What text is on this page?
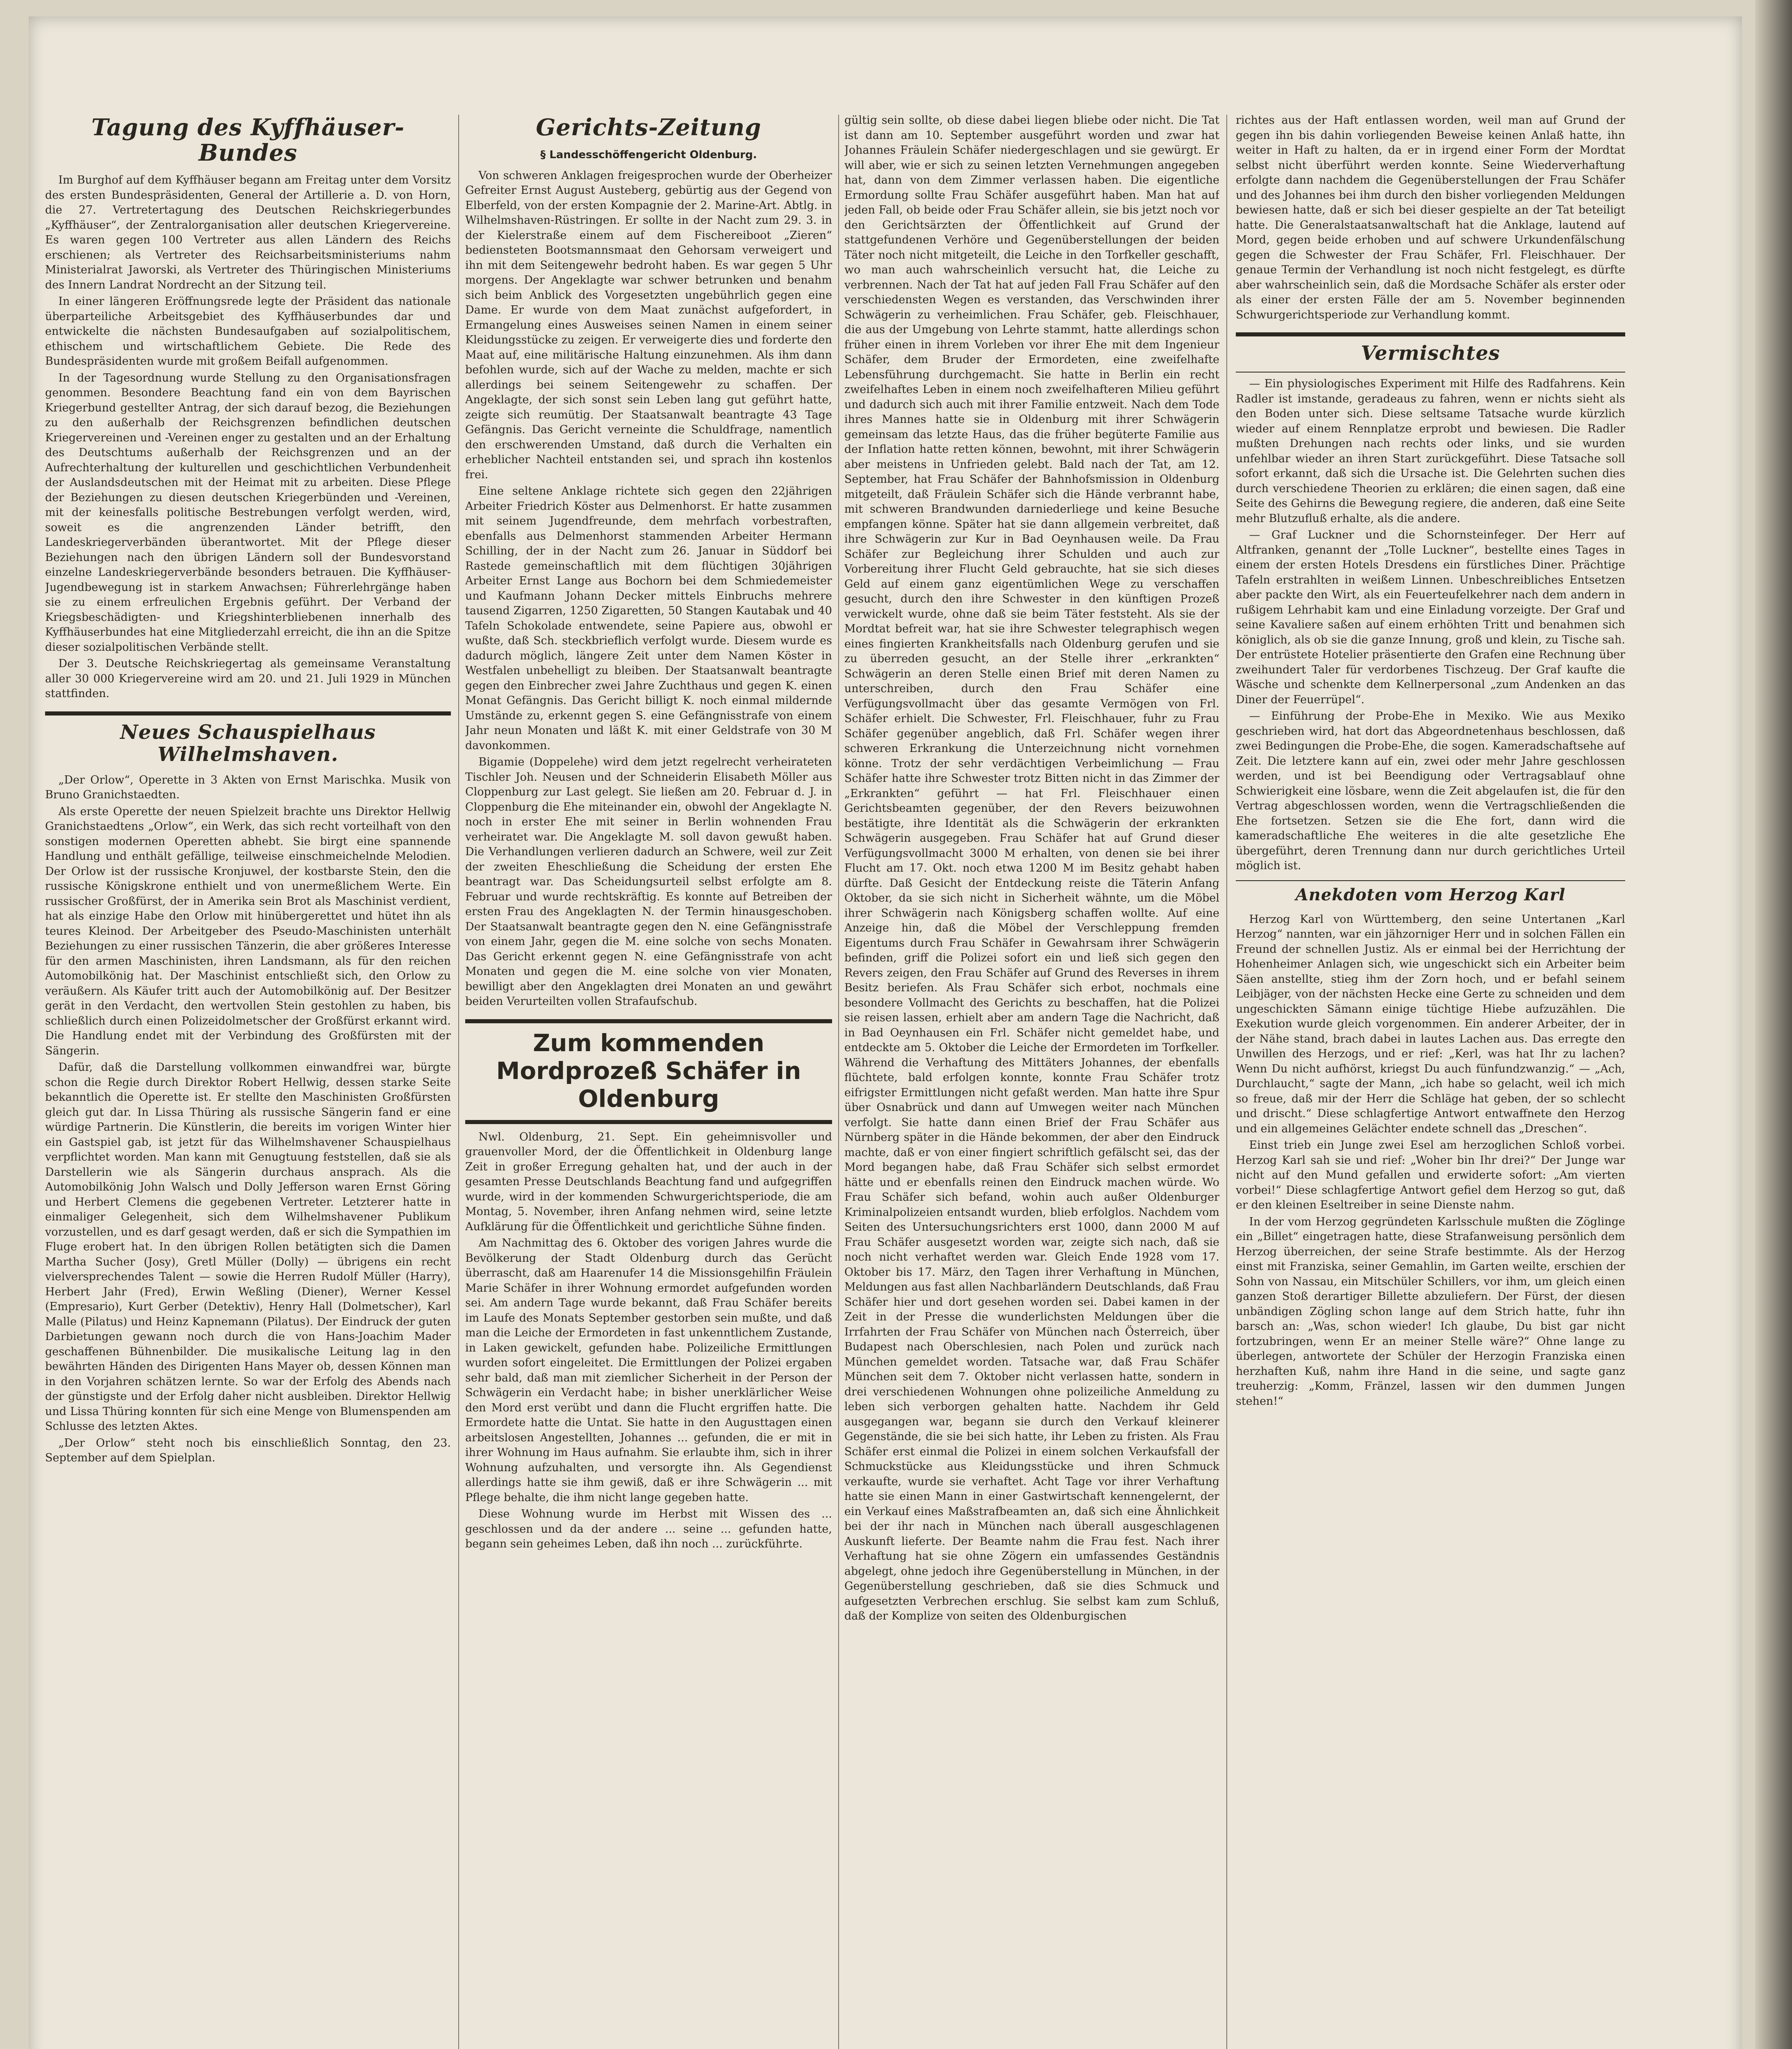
Tagung des Kyffhäuser-Bundes

Im Burghof auf dem Kyffhäuser begann am Freitag unter dem Vorsitz des ersten Bundespräsidenten, General der Artillerie a. D. von Horn, die 27. Vertretertagung des Deutschen Reichskriegerbundes „Kyffhäuser“, der Zentralorganisation aller deutschen Kriegervereine. Es waren gegen 100 Vertreter aus allen Ländern des Reichs erschienen; als Vertreter des Reichsarbeitsministeriums nahm Ministerialrat Jaworski, als Vertreter des Thüringischen Ministeriums des Innern Landrat Nordrecht an der Sitzung teil.

In einer längeren Eröffnungsrede legte der Präsident das nationale überparteiliche Arbeitsgebiet des Kyffhäuserbundes dar und entwickelte die nächsten Bundesaufgaben auf sozialpolitischem, ethischem und wirtschaftlichem Gebiete. Die Rede des Bundespräsidenten wurde mit großem Beifall aufgenommen.

In der Tagesordnung wurde Stellung zu den Organisationsfragen genommen. Besondere Beachtung fand ein von dem Bayrischen Kriegerbund gestellter Antrag, der sich darauf bezog, die Beziehungen zu den außerhalb der Reichsgrenzen befindlichen deutschen Kriegervereinen und -Vereinen enger zu gestalten und an der Erhaltung des Deutschtums außerhalb der Reichsgrenzen und an der Aufrechterhaltung der kulturellen und geschichtlichen Verbundenheit der Auslandsdeutschen mit der Heimat mit zu arbeiten. Diese Pflege der Beziehungen zu diesen deutschen Kriegerbünden und -Vereinen, mit der keinesfalls politische Bestrebungen verfolgt werden, wird, soweit es die angrenzenden Länder betrifft, den Landeskriegerverbänden überantwortet. Mit der Pflege dieser Beziehungen nach den übrigen Ländern soll der Bundesvorstand einzelne Landeskriegerverbände besonders betrauen. Die Kyffhäuser-Jugendbewegung ist in starkem Anwachsen; Führerlehrgänge haben sie zu einem erfreulichen Ergebnis geführt. Der Verband der Kriegsbeschädigten- und Kriegshinterbliebenen innerhalb des Kyffhäuserbundes hat eine Mitgliederzahl erreicht, die ihn an die Spitze dieser sozialpolitischen Verbände stellt.

Der 3. Deutsche Reichskriegertag als gemeinsame Veranstaltung aller 30 000 Kriegervereine wird am 20. und 21. Juli 1929 in München stattfinden.

Neues Schauspielhaus Wilhelmshaven.

„Der Orlow“, Operette in 3 Akten von Ernst Marischka. Musik von Bruno Granichstaedten.

Als erste Operette der neuen Spielzeit brachte uns Direktor Hellwig Granichstaedtens „Orlow“, ein Werk, das sich recht vorteilhaft von den sonstigen modernen Operetten abhebt. Sie birgt eine spannende Handlung und enthält gefällige, teilweise einschmeichelnde Melodien. Der Orlow ist der russische Kronjuwel, der kostbarste Stein, den die russische Königskrone enthielt und von unermeßlichem Werte. Ein russischer Großfürst, der in Amerika sein Brot als Maschinist verdient, hat als einzige Habe den Orlow mit hinübergerettet und hütet ihn als teures Kleinod. Der Arbeitgeber des Pseudo-Maschinisten unterhält Beziehungen zu einer russischen Tänzerin, die aber größeres Interesse für den armen Maschinisten, ihren Landsmann, als für den reichen Automobilkönig hat. Der Maschinist entschließt sich, den Orlow zu veräußern. Als Käufer tritt auch der Automobilkönig auf. Der Besitzer gerät in den Verdacht, den wertvollen Stein gestohlen zu haben, bis schließlich durch einen Polizeidolmetscher der Großfürst erkannt wird. Die Handlung endet mit der Verbindung des Großfürsten mit der Sängerin.

Dafür, daß die Darstellung vollkommen einwandfrei war, bürgte schon die Regie durch Direktor Robert Hellwig, dessen starke Seite bekanntlich die Operette ist. Er stellte den Maschinisten Großfürsten gleich gut dar. In Lissa Thüring als russische Sängerin fand er eine würdige Partnerin. Die Künstlerin, die bereits im vorigen Winter hier ein Gastspiel gab, ist jetzt für das Wilhelmshavener Schauspielhaus verpflichtet worden. Man kann mit Genugtuung feststellen, daß sie als Darstellerin wie als Sängerin durchaus ansprach. Als die Automobilkönig John Walsch und Dolly Jefferson waren Ernst Göring und Herbert Clemens die gegebenen Vertreter. Letzterer hatte in einmaliger Gelegenheit, sich dem Wilhelmshavener Publikum vorzustellen, und es darf gesagt werden, daß er sich die Sympathien im Fluge erobert hat. In den übrigen Rollen betätigten sich die Damen Martha Sucher (Josy), Gretl Müller (Dolly) — übrigens ein recht vielversprechendes Talent — sowie die Herren Rudolf Müller (Harry), Herbert Jahr (Fred), Erwin Weßling (Diener), Werner Kessel (Empresario), Kurt Gerber (Detektiv), Henry Hall (Dolmetscher), Karl Malle (Pilatus) und Heinz Kapnemann (Pilatus). Der Eindruck der guten Darbietungen gewann noch durch die von Hans-Joachim Mader geschaffenen Bühnenbilder. Die musikalische Leitung lag in den bewährten Händen des Dirigenten Hans Mayer ob, dessen Können man in den Vorjahren schätzen lernte. So war der Erfolg des Abends nach der günstigste und der Erfolg daher nicht ausbleiben. Direktor Hellwig und Lissa Thüring konnten für sich eine Menge von Blumenspenden am Schlusse des letzten Aktes.

„Der Orlow“ steht noch bis einschließlich Sonntag, den 23. September auf dem Spielplan.

Gerichts-Zeitung
§ Landesschöffengericht Oldenburg.

Von schweren Anklagen freigesprochen wurde der Oberheizer Gefreiter Ernst August Austeberg, gebürtig aus der Gegend von Elberfeld, von der ersten Kompagnie der 2. Marine-Art. Abtlg. in Wilhelmshaven-Rüstringen. Er sollte in der Nacht zum 29. 3. in der Kielerstraße einem auf dem Fischereiboot „Zieren“ bediensteten Bootsmannsmaat den Gehorsam verweigert und ihn mit dem Seitengewehr bedroht haben. Es war gegen 5 Uhr morgens. Der Angeklagte war schwer betrunken und benahm sich beim Anblick des Vorgesetzten ungebührlich gegen eine Dame. Er wurde von dem Maat zunächst aufgefordert, in Ermangelung eines Ausweises seinen Namen in einem seiner Kleidungsstücke zu zeigen. Er verweigerte dies und forderte den Maat auf, eine militärische Haltung einzunehmen. Als ihm dann befohlen wurde, sich auf der Wache zu melden, machte er sich allerdings bei seinem Seitengewehr zu schaffen. Der Angeklagte, der sich sonst sein Leben lang gut geführt hatte, zeigte sich reumütig. Der Staatsanwalt beantragte 43 Tage Gefängnis. Das Gericht verneinte die Schuldfrage, namentlich den erschwerenden Umstand, daß durch die Verhalten ein erheblicher Nachteil entstanden sei, und sprach ihn kostenlos frei.

Eine seltene Anklage richtete sich gegen den 22jährigen Arbeiter Friedrich Köster aus Delmenhorst. Er hatte zusammen mit seinem Jugendfreunde, dem mehrfach vorbestraften, ebenfalls aus Delmenhorst stammenden Arbeiter Hermann Schilling, der in der Nacht zum 26. Januar in Süddorf bei Rastede gemeinschaftlich mit dem flüchtigen 30jährigen Arbeiter Ernst Lange aus Bochorn bei dem Schmiedemeister und Kaufmann Johann Decker mittels Einbruchs mehrere tausend Zigarren, 1250 Zigaretten, 50 Stangen Kautabak und 40 Tafeln Schokolade entwendete, seine Papiere aus, obwohl er wußte, daß Sch. steckbrieflich verfolgt wurde. Diesem wurde es dadurch möglich, längere Zeit unter dem Namen Köster in Westfalen unbehelligt zu bleiben. Der Staatsanwalt beantragte gegen den Einbrecher zwei Jahre Zuchthaus und gegen K. einen Monat Gefängnis. Das Gericht billigt K. noch einmal mildernde Umstände zu, erkennt gegen S. eine Gefängnisstrafe von einem Jahr neun Monaten und läßt K. mit einer Geldstrafe von 30 M davonkommen.

Bigamie (Doppelehe) wird dem jetzt regelrecht verheirateten Tischler Joh. Neusen und der Schneiderin Elisabeth Möller aus Cloppenburg zur Last gelegt. Sie ließen am 20. Februar d. J. in Cloppenburg die Ehe miteinander ein, obwohl der Angeklagte N. noch in erster Ehe mit seiner in Berlin wohnenden Frau verheiratet war. Die Angeklagte M. soll davon gewußt haben. Die Verhandlungen verlieren dadurch an Schwere, weil zur Zeit der zweiten Eheschließung die Scheidung der ersten Ehe beantragt war. Das Scheidungsurteil selbst erfolgte am 8. Februar und wurde rechtskräftig. Es konnte auf Betreiben der ersten Frau des Angeklagten N. der Termin hinausgeschoben. Der Staatsanwalt beantragte gegen den N. eine Gefängnisstrafe von einem Jahr, gegen die M. eine solche von sechs Monaten. Das Gericht erkennt gegen N. eine Gefängnisstrafe von acht Monaten und gegen die M. eine solche von vier Monaten, bewilligt aber den Angeklagten drei Monaten an und gewährt beiden Verurteilten vollen Strafaufschub.

Zum kommenden Mordprozeß Schäfer in Oldenburg

Nwl. Oldenburg, 21. Sept. Ein geheimnisvoller und grauenvoller Mord, der die Öffentlichkeit in Oldenburg lange Zeit in großer Erregung gehalten hat, und der auch in der gesamten Presse Deutschlands Beachtung fand und aufgegriffen wurde, wird in der kommenden Schwurgerichtsperiode, die am Montag, 5. November, ihren Anfang nehmen wird, seine letzte Aufklärung für die Öffentlichkeit und gerichtliche Sühne finden.

Am Nachmittag des 6. Oktober des vorigen Jahres wurde die Bevölkerung der Stadt Oldenburg durch das Gerücht überrascht, daß am Haarenufer 14 die Missionsgehilfin Fräulein Marie Schäfer in ihrer Wohnung ermordet aufgefunden worden sei. Am andern Tage wurde bekannt, daß Frau Schäfer bereits im Laufe des Monats September gestorben sein mußte, und daß man die Leiche der Ermordeten in fast unkenntlichem Zustande, in Laken gewickelt, gefunden habe. Polizeiliche Ermittlungen wurden sofort eingeleitet. Die Ermittlungen der Polizei ergaben sehr bald, daß man mit ziemlicher Sicherheit in der Person der Schwägerin ein Verdacht habe; in bisher unerklärlicher Weise den Mord erst verübt und dann die Flucht ergriffen hatte. Die Ermordete hatte die Untat. Sie hatte in den Augusttagen einen arbeitslosen Angestellten, Johannes ... gefunden, die er mit in ihrer Wohnung im Haus aufnahm. Sie erlaubte ihm, sich in ihrer Wohnung aufzuhalten, und versorgte ihn. Als Gegendienst allerdings hatte sie ihm gewiß, daß er ihre Schwägerin ... mit Pflege behalte, die ihm nicht lange gegeben hatte.

Diese Wohnung wurde im Herbst mit Wissen des ... geschlossen und da der andere ... seine ... gefunden hatte, begann sein geheimes Leben, daß ihn noch ... zurückführte.

gültig sein sollte, ob diese dabei liegen bliebe oder nicht. Die Tat ist dann am 10. September ausgeführt worden und zwar hat Johannes Fräulein Schäfer niedergeschlagen und sie gewürgt. Er will aber, wie er sich zu seinen letzten Vernehmungen angegeben hat, dann von dem Zimmer verlassen haben. Die eigentliche Ermordung sollte Frau Schäfer ausgeführt haben. Man hat auf jeden Fall, ob beide oder Frau Schäfer allein, sie bis jetzt noch vor den Gerichtsärzten der Öffentlichkeit auf Grund der stattgefundenen Verhöre und Gegenüberstellungen der beiden Täter noch nicht mitgeteilt, die Leiche in den Torfkeller geschafft, wo man auch wahrscheinlich versucht hat, die Leiche zu verbrennen. Nach der Tat hat auf jeden Fall Frau Schäfer auf den verschiedensten Wegen es verstanden, das Verschwinden ihrer Schwägerin zu verheimlichen. Frau Schäfer, geb. Fleischhauer, die aus der Umgebung von Lehrte stammt, hatte allerdings schon früher einen in ihrem Vorleben vor ihrer Ehe mit dem Ingenieur Schäfer, dem Bruder der Ermordeten, eine zweifelhafte Lebensführung durchgemacht. Sie hatte in Berlin ein recht zweifelhaftes Leben in einem noch zweifelhafteren Milieu geführt und dadurch sich auch mit ihrer Familie entzweit. Nach dem Tode ihres Mannes hatte sie in Oldenburg mit ihrer Schwägerin gemeinsam das letzte Haus, das die früher begüterte Familie aus der Inflation hatte retten können, bewohnt, mit ihrer Schwägerin aber meistens in Unfrieden gelebt. Bald nach der Tat, am 12. September, hat Frau Schäfer der Bahnhofsmission in Oldenburg mitgeteilt, daß Fräulein Schäfer sich die Hände verbrannt habe, mit schweren Brandwunden darniederliege und keine Besuche empfangen könne. Später hat sie dann allgemein verbreitet, daß ihre Schwägerin zur Kur in Bad Oeynhausen weile. Da Frau Schäfer zur Begleichung ihrer Schulden und auch zur Vorbereitung ihrer Flucht Geld gebrauchte, hat sie sich dieses Geld auf einem ganz eigentümlichen Wege zu verschaffen gesucht, durch den ihre Schwester in den künftigen Prozeß verwickelt wurde, ohne daß sie beim Täter feststeht. Als sie der Mordtat befreit war, hat sie ihre Schwester telegraphisch wegen eines fingierten Krankheitsfalls nach Oldenburg gerufen und sie zu überreden gesucht, an der Stelle ihrer „erkrankten“ Schwägerin an deren Stelle einen Brief mit deren Namen zu unterschreiben, durch den Frau Schäfer eine Verfügungsvollmacht über das gesamte Vermögen von Frl. Schäfer erhielt. Die Schwester, Frl. Fleischhauer, fuhr zu Frau Schäfer gegenüber angeblich, daß Frl. Schäfer wegen ihrer schweren Erkrankung die Unterzeichnung nicht vornehmen könne. Trotz der sehr verdächtigen Verbeimlichung — Frau Schäfer hatte ihre Schwester trotz Bitten nicht in das Zimmer der „Erkrankten“ geführt — hat Frl. Fleischhauer einen Gerichtsbeamten gegenüber, der den Revers beizuwohnen bestätigte, ihre Identität als die Schwägerin der erkrankten Schwägerin ausgegeben. Frau Schäfer hat auf Grund dieser Verfügungsvollmacht 3000 M erhalten, von denen sie bei ihrer Flucht am 17. Okt. noch etwa 1200 M im Besitz gehabt haben dürfte. Daß Gesicht der Entdeckung reiste die Täterin Anfang Oktober, da sie sich nicht in Sicherheit wähnte, um die Möbel ihrer Schwägerin nach Königsberg schaffen wollte. Auf eine Anzeige hin, daß die Möbel der Verschleppung fremden Eigentums durch Frau Schäfer in Gewahrsam ihrer Schwägerin befinden, griff die Polizei sofort ein und ließ sich gegen den Revers zeigen, den Frau Schäfer auf Grund des Reverses in ihrem Besitz beriefen. Als Frau Schäfer sich erbot, nochmals eine besondere Vollmacht des Gerichts zu beschaffen, hat die Polizei sie reisen lassen, erhielt aber am andern Tage die Nachricht, daß in Bad Oeynhausen ein Frl. Schäfer nicht gemeldet habe, und entdeckte am 5. Oktober die Leiche der Ermordeten im Torfkeller. Während die Verhaftung des Mittäters Johannes, der ebenfalls flüchtete, bald erfolgen konnte, konnte Frau Schäfer trotz eifrigster Ermittlungen nicht gefaßt werden. Man hatte ihre Spur über Osnabrück und dann auf Umwegen weiter nach München verfolgt. Sie hatte dann einen Brief der Frau Schäfer aus Nürnberg später in die Hände bekommen, der aber den Eindruck machte, daß er von einer fingiert schriftlich gefälscht sei, das der Mord begangen habe, daß Frau Schäfer sich selbst ermordet hätte und er ebenfalls reinen den Eindruck machen würde. Wo Frau Schäfer sich befand, wohin auch außer Oldenburger Kriminalpolizeien entsandt wurden, blieb erfolglos. Nachdem vom Seiten des Untersuchungsrichters erst 1000, dann 2000 M auf Frau Schäfer ausgesetzt worden war, zeigte sich nach, daß sie noch nicht verhaftet werden war. Gleich Ende 1928 vom 17. Oktober bis 17. März, den Tagen ihrer Verhaftung in München, Meldungen aus fast allen Nachbarländern Deutschlands, daß Frau Schäfer hier und dort gesehen worden sei. Dabei kamen in der Zeit in der Presse die wunderlichsten Meldungen über die Irrfahrten der Frau Schäfer von München nach Österreich, über Budapest nach Oberschlesien, nach Polen und zurück nach München gemeldet worden. Tatsache war, daß Frau Schäfer München seit dem 7. Oktober nicht verlassen hatte, sondern in drei verschiedenen Wohnungen ohne polizeiliche Anmeldung zu leben sich verborgen gehalten hatte. Nachdem ihr Geld ausgegangen war, begann sie durch den Verkauf kleinerer Gegenstände, die sie bei sich hatte, ihr Leben zu fristen. Als Frau Schäfer erst einmal die Polizei in einem solchen Verkaufsfall der Schmuckstücke aus Kleidungsstücke und ihren Schmuck verkaufte, wurde sie verhaftet. Acht Tage vor ihrer Verhaftung hatte sie einen Mann in einer Gastwirtschaft kennengelernt, der ein Verkauf eines Maßstrafbeamten an, daß sich eine Ähnlichkeit bei der ihr nach in München nach überall ausgeschlagenen Auskunft lieferte. Der Beamte nahm die Frau fest. Nach ihrer Verhaftung hat sie ohne Zögern ein umfassendes Geständnis abgelegt, ohne jedoch ihre Gegenüberstellung in München, in der Gegenüberstellung geschrieben, daß sie dies Schmuck und aufgesetzten Verbrechen erschlug. Sie selbst kam zum Schluß, daß der Komplize von seiten des Oldenburgischen

richtes aus der Haft entlassen worden, weil man auf Grund der gegen ihn bis dahin vorliegenden Beweise keinen Anlaß hatte, ihn weiter in Haft zu halten, da er in irgend einer Form der Mordtat selbst nicht überführt werden konnte. Seine Wiederverhaftung erfolgte dann nachdem die Gegenüberstellungen der Frau Schäfer und des Johannes bei ihm durch den bisher vorliegenden Meldungen bewiesen hatte, daß er sich bei dieser gespielte an der Tat beteiligt hatte. Die Generalstaatsanwaltschaft hat die Anklage, lautend auf Mord, gegen beide erhoben und auf schwere Urkundenfälschung gegen die Schwester der Frau Schäfer, Frl. Fleischhauer. Der genaue Termin der Verhandlung ist noch nicht festgelegt, es dürfte aber wahrscheinlich sein, daß die Mordsache Schäfer als erster oder als einer der ersten Fälle der am 5. November beginnenden Schwurgerichtsperiode zur Verhandlung kommt.

Vermischtes

— Ein physiologisches Experiment mit Hilfe des Radfahrens. Kein Radler ist imstande, geradeaus zu fahren, wenn er nichts sieht als den Boden unter sich. Diese seltsame Tatsache wurde kürzlich wieder auf einem Rennplatze erprobt und bewiesen. Die Radler mußten Drehungen nach rechts oder links, und sie wurden unfehlbar wieder an ihren Start zurückgeführt. Diese Tatsache soll sofort erkannt, daß sich die Ursache ist. Die Gelehrten suchen dies durch verschiedene Theorien zu erklären; die einen sagen, daß eine Seite des Gehirns die Bewegung regiere, die anderen, daß eine Seite mehr Blutzufluß erhalte, als die andere.

— Graf Luckner und die Schornsteinfeger. Der Herr auf Altfranken, genannt der „Tolle Luckner“, bestellte eines Tages in einem der ersten Hotels Dresdens ein fürstliches Diner. Prächtige Tafeln erstrahlten in weißem Linnen. Unbeschreibliches Entsetzen aber packte den Wirt, als ein Feuerteufelkehrer nach dem andern in rußigem Lehrhabit kam und eine Einladung vorzeigte. Der Graf und seine Kavaliere saßen auf einem erhöhten Tritt und benahmen sich königlich, als ob sie die ganze Innung, groß und klein, zu Tische sah. Der entrüstete Hotelier präsentierte den Grafen eine Rechnung über zweihundert Taler für verdorbenes Tischzeug. Der Graf kaufte die Wäsche und schenkte dem Kellnerpersonal „zum Andenken an das Diner der Feuerrüpel“.

— Einführung der Probe-Ehe in Mexiko. Wie aus Mexiko geschrieben wird, hat dort das Abgeordnetenhaus beschlossen, daß zwei Bedingungen die Probe-Ehe, die sogen. Kameradschaftsehe auf Zeit. Die letztere kann auf ein, zwei oder mehr Jahre geschlossen werden, und ist bei Beendigung oder Vertragsablauf ohne Schwierigkeit eine lösbare, wenn die Zeit abgelaufen ist, die für den Vertrag abgeschlossen worden, wenn die Vertragschließenden die Ehe fortsetzen. Setzen sie die Ehe fort, dann wird die kameradschaftliche Ehe weiteres in die alte gesetzliche Ehe übergeführt, deren Trennung dann nur durch gerichtliches Urteil möglich ist.

Anekdoten vom Herzog Karl

Herzog Karl von Württemberg, den seine Untertanen „Karl Herzog“ nannten, war ein jähzorniger Herr und in solchen Fällen ein Freund der schnellen Justiz. Als er einmal bei der Herrichtung der Hohenheimer Anlagen sich, wie ungeschickt sich ein Arbeiter beim Säen anstellte, stieg ihm der Zorn hoch, und er befahl seinem Leibjäger, von der nächsten Hecke eine Gerte zu schneiden und dem ungeschickten Sämann einige tüchtige Hiebe aufzuzählen. Die Exekution wurde gleich vorgenommen. Ein anderer Arbeiter, der in der Nähe stand, brach dabei in lautes Lachen aus. Das erregte den Unwillen des Herzogs, und er rief: „Kerl, was hat Ihr zu lachen? Wenn Du nicht aufhörst, kriegst Du auch fünfundzwanzig.“ — „Ach, Durchlaucht,“ sagte der Mann, „ich habe so gelacht, weil ich mich so freue, daß mir der Herr die Schläge hat geben, der so schlecht und drischt.“ Diese schlagfertige Antwort entwaffnete den Herzog und ein allgemeines Gelächter endete schnell das „Dreschen“.

Einst trieb ein Junge zwei Esel am herzoglichen Schloß vorbei. Herzog Karl sah sie und rief: „Woher bin Ihr drei?“ Der Junge war nicht auf den Mund gefallen und erwiderte sofort: „Am vierten vorbei!“ Diese schlagfertige Antwort gefiel dem Herzog so gut, daß er den kleinen Eseltreiber in seine Dienste nahm.

In der vom Herzog gegründeten Karlsschule mußten die Zöglinge ein „Billet“ eingetragen hatte, diese Strafanweisung persönlich dem Herzog überreichen, der seine Strafe bestimmte. Als der Herzog einst mit Franziska, seiner Gemahlin, im Garten weilte, erschien der Sohn von Nassau, ein Mitschüler Schillers, vor ihm, um gleich einen ganzen Stoß derartiger Billette abzuliefern. Der Fürst, der diesen unbändigen Zögling schon lange auf dem Strich hatte, fuhr ihn barsch an: „Was, schon wieder! Ich glaube, Du bist gar nicht fortzubringen, wenn Er an meiner Stelle wäre?“ Ohne lange zu überlegen, antwortete der Schüler der Herzogin Franziska einen herzhaften Kuß, nahm ihre Hand in die seine, und sagte ganz treuherzig: „Komm, Fränzel, lassen wir den dummen Jungen stehen!“
